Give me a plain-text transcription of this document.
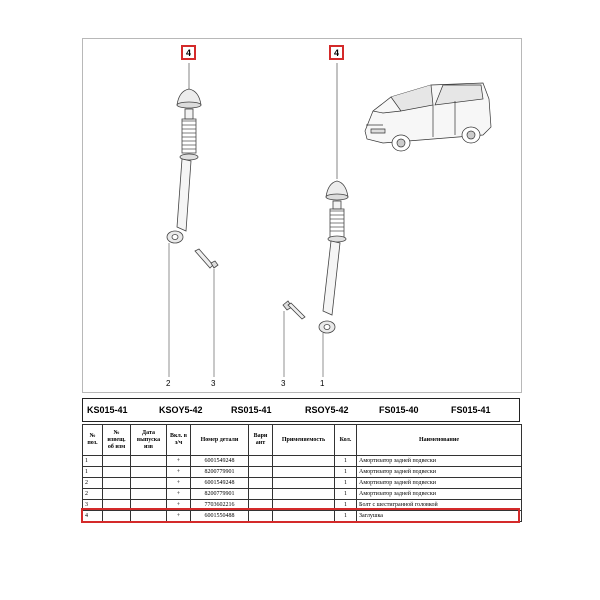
4	4
2	3	3	1
KS015-41	KSOY5-42	RS015-41	RSOY5-42	FS015-40	FS015-41
№ поз.	№ извещ. об изм	Дата выпуска изв	Вкл. в з/ч	Номер детали	Вари ант	Применяемость	Кол.	Наименование
1			+	6001549248			1	Амортизатор задней подвески
1			+	8200779901			1	Амортизатор задней подвески
2			+	6001549248			1	Амортизатор задней подвески
2			+	8200779901			1	Амортизатор задней подвески
3			+	7703602216			1	Болт с шестигранной головкой
4			+	6001550488			1	Заглушка
